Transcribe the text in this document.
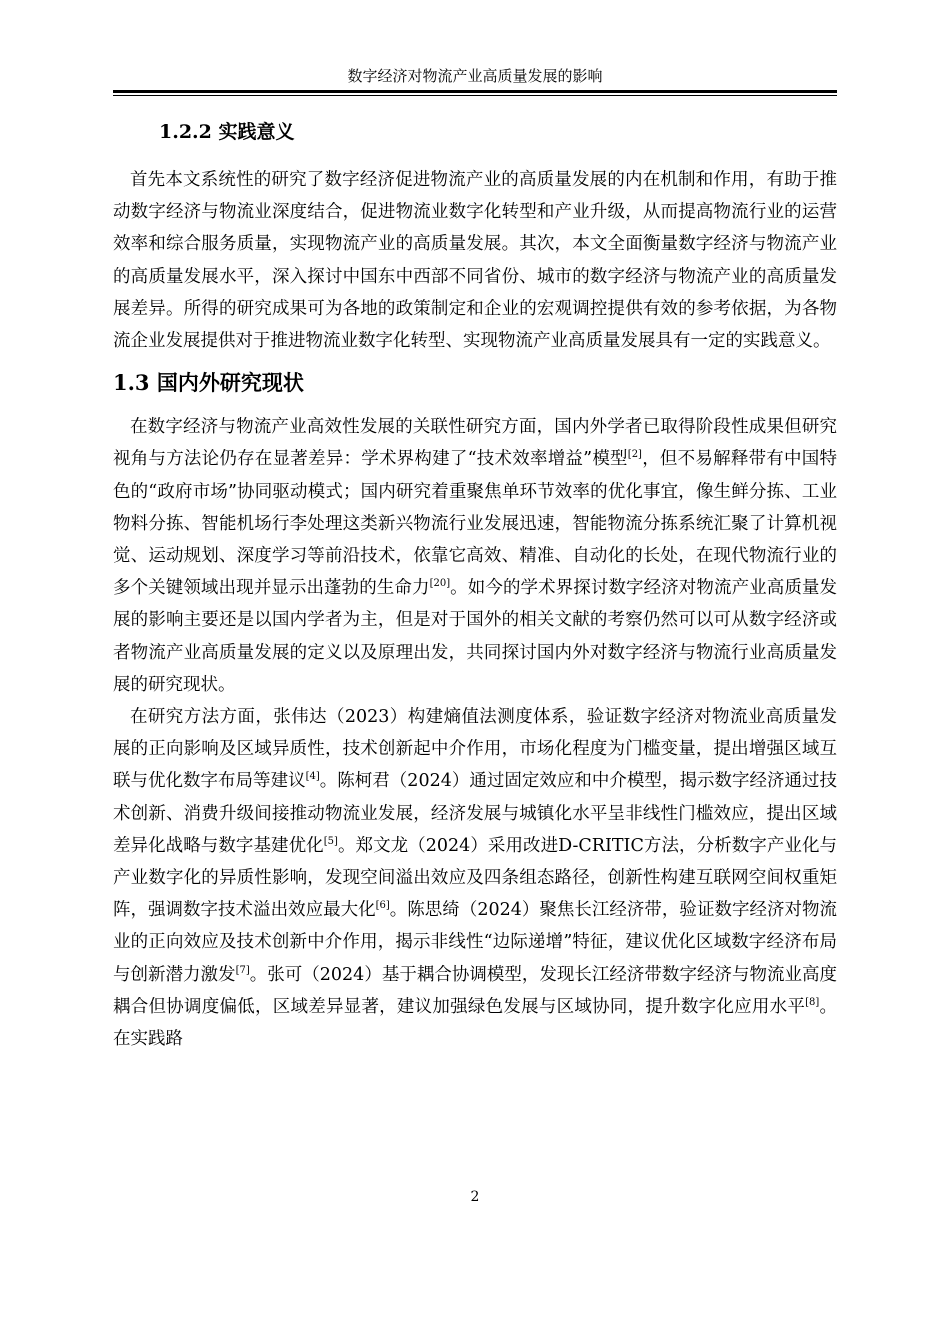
数字经济对物流产业高质量发展的影响
1.2.2 实践意义

首先本文系统性的研究了数字经济促进物流产业的高质量发展的内在机制和作用，有助于推动数字经济与物流业深度结合，促进物流业数字化转型和产业升级，从而提高物流行业的运营效率和综合服务质量，实现物流产业的高质量发展。其次，本文全面衡量数字经济与物流产业的高质量发展水平，深入探讨中国东中西部不同省份、城市的数字经济与物流产业的高质量发展差异。所得的研究成果可为各地的政策制定和企业的宏观调控提供有效的参考依据，为各物流企业发展提供对于推进物流业数字化转型、实现物流产业高质量发展具有一定的实践意义。

1.3 国内外研究现状

在数字经济与物流产业高效性发展的关联性研究方面，国内外学者已取得阶段性成果但研究视角与方法论仍存在显著差异：学术界构建了“技术效率增益”模型[2]，但不易解释带有中国特色的“政府市场”协同驱动模式；国内研究着重聚焦单环节效率的优化事宜，像生鲜分拣、工业物料分拣、智能机场行李处理这类新兴物流行业发展迅速，智能物流分拣系统汇聚了计算机视觉、运动规划、深度学习等前沿技术，依靠它高效、精准、自动化的长处，在现代物流行业的多个关键领域出现并显示出蓬勃的生命力[20]。如今的学术界探讨数字经济对物流产业高质量发展的影响主要还是以国内学者为主，但是对于国外的相关文献的考察仍然可以可从数字经济或者物流产业高质量发展的定义以及原理出发，共同探讨国内外对数字经济与物流行业高质量发展的研究现状。

在研究方法方面，张伟达（2023）构建熵值法测度体系，验证数字经济对物流业高质量发展的正向影响及区域异质性，技术创新起中介作用，市场化程度为门槛变量，提出增强区域互联与优化数字布局等建议[4]。陈柯君（2024）通过固定效应和中介模型，揭示数字经济通过技术创新、消费升级间接推动物流业发展，经济发展与城镇化水平呈非线性门槛效应，提出区域差异化战略与数字基建优化[5]。郑文龙（2024）采用改进D-CRITIC方法，分析数字产业化与产业数字化的异质性影响，发现空间溢出效应及四条组态路径，创新性构建互联网空间权重矩阵，强调数字技术溢出效应最大化[6]。陈思绮（2024）聚焦长江经济带，验证数字经济对物流业的正向效应及技术创新中介作用，揭示非线性“边际递增”特征，建议优化区域数字经济布局与创新潜力激发[7]。张可（2024）基于耦合协调模型，发现长江经济带数字经济与物流业高度耦合但协调度偏低，区域差异显著，建议加强绿色发展与区域协同，提升数字化应用水平[8]。在实践路

2
